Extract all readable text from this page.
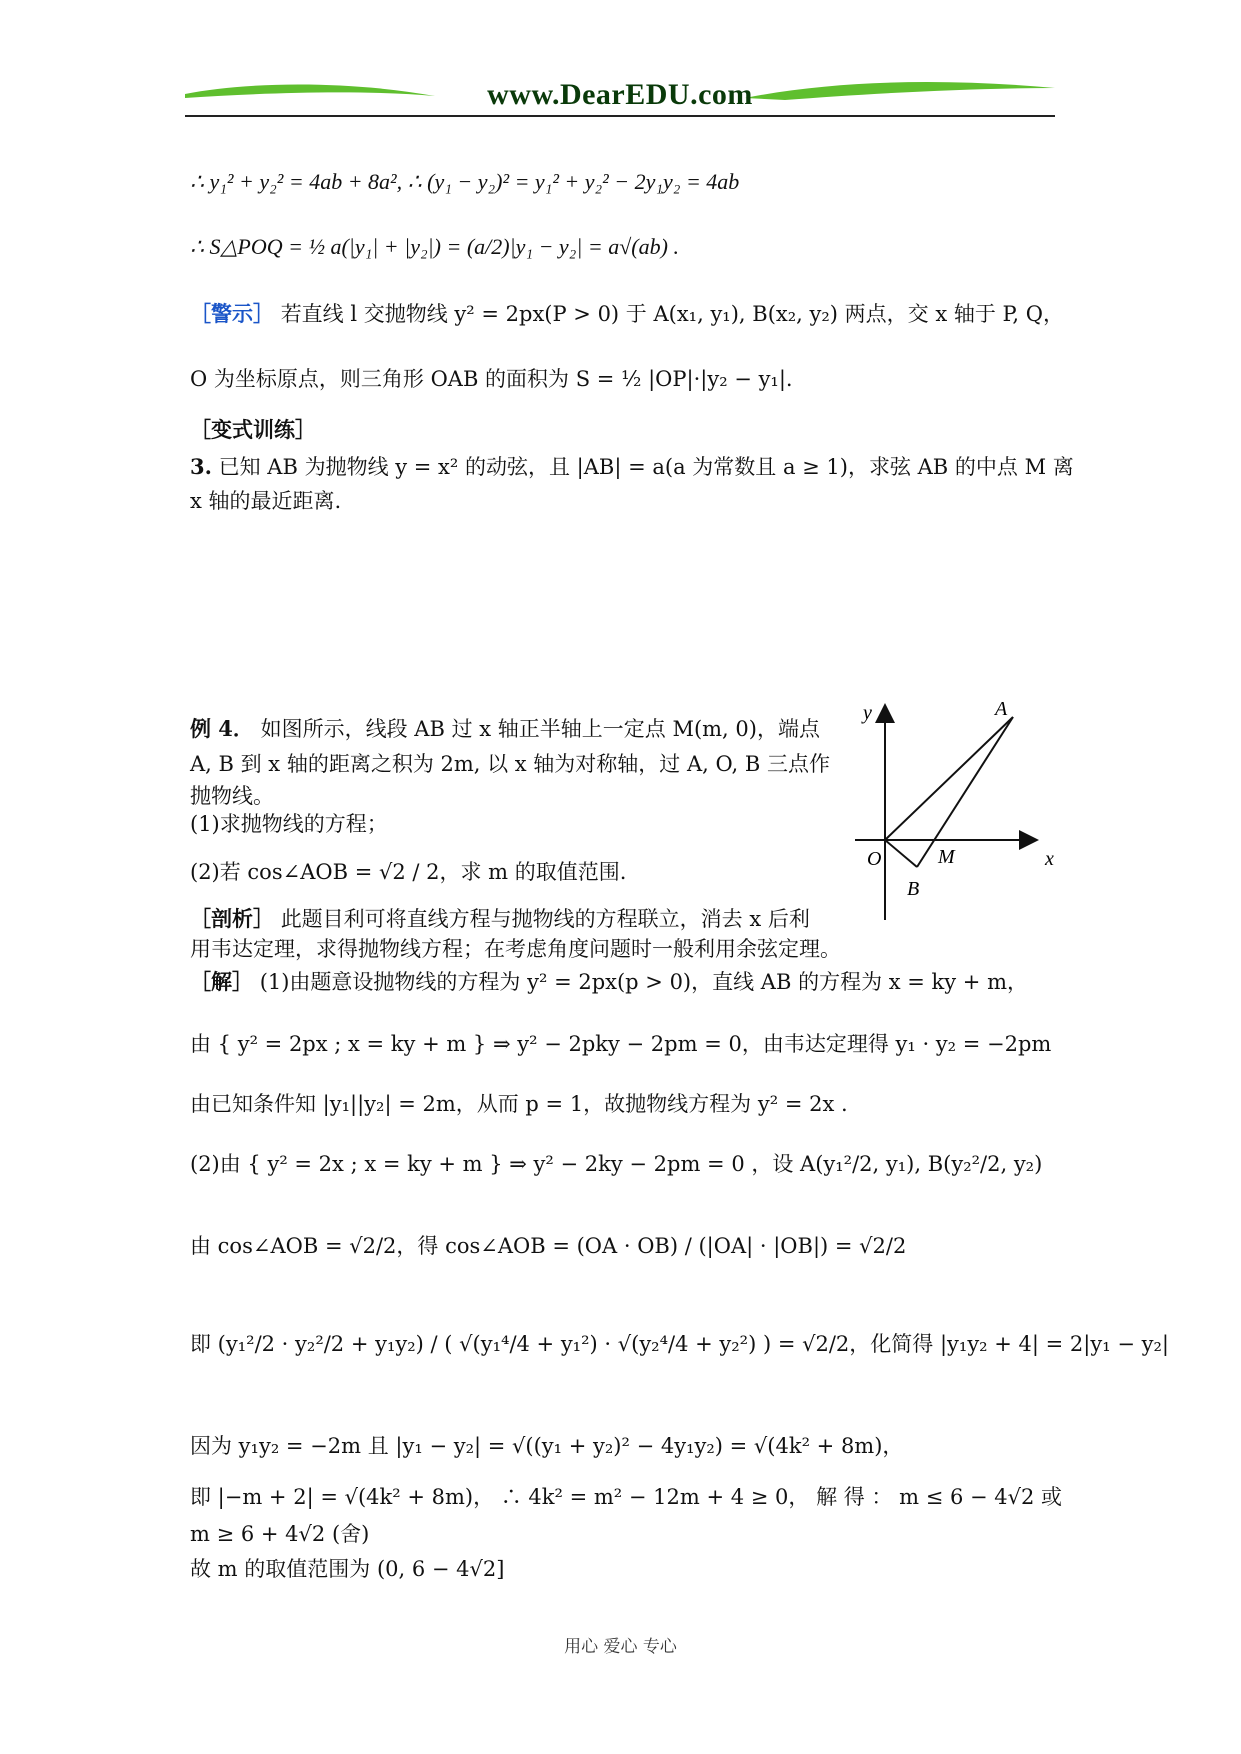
www.DearEDU.com
∴ y₁² + y₂² = 4ab + 8a², ∴ (y₁ − y₂)² = y₁² + y₂² − 2y₁y₂ = 4ab
∴ S△POQ = ½ a(|y₁| + |y₂|) = (a/2)|y₁ − y₂| = a√(ab) .
［警示］ 若直线 l 交抛物线 y² = 2px(P > 0) 于 A(x₁, y₁), B(x₂, y₂) 两点，交 x 轴于 P, Q，
O 为坐标原点，则三角形 OAB 的面积为 S = ½ |OP|·|y₂ − y₁|.
［变式训练］
3. 已知 AB 为抛物线 y = x² 的动弦，且 |AB| = a(a 为常数且 a ≥ 1)，求弦 AB 的中点 M 离
x 轴的最近距离.
例 4． 如图所示，线段 AB 过 x 轴正半轴上一定点 M(m, 0)，端点
A, B 到 x 轴的距离之积为 2m, 以 x 轴为对称轴，过 A, O, B 三点作
抛物线。
(1)求抛物线的方程；
(2)若 cos∠AOB = √2 / 2，求 m 的取值范围.
［剖析］ 此题目利可将直线方程与抛物线的方程联立，消去 x 后利
用韦达定理，求得抛物线方程；在考虑角度问题时一般利用余弦定理。
［解］ (1)由题意设抛物线的方程为 y² = 2px(p > 0)，直线 AB 的方程为 x = ky + m，
由 { y² = 2px ; x = ky + m } ⇒ y² − 2pky − 2pm = 0，由韦达定理得 y₁ · y₂ = −2pm
由已知条件知 |y₁||y₂| = 2m，从而 p = 1，故抛物线方程为 y² = 2x .
(2)由 { y² = 2x ; x = ky + m } ⇒ y² − 2ky − 2pm = 0 ，设 A(y₁²/2, y₁), B(y₂²/2, y₂)
由 cos∠AOB = √2/2，得 cos∠AOB = (OA · OB) / (|OA| · |OB|) = √2/2
即 (y₁²/2 · y₂²/2 + y₁y₂) / ( √(y₁⁴/4 + y₁²) · √(y₂⁴/4 + y₂²) ) = √2/2，化简得 |y₁y₂ + 4| = 2|y₁ − y₂|
因为 y₁y₂ = −2m 且 |y₁ − y₂| = √((y₁ + y₂)² − 4y₁y₂) = √(4k² + 8m)，
即 |−m + 2| = √(4k² + 8m)， ∴ 4k² = m² − 12m + 4 ≥ 0， 解 得 ： m ≤ 6 − 4√2 或
m ≥ 6 + 4√2 (舍)
故 m 的取值范围为 (0, 6 − 4√2]
y
x
O
A
B
M
用心 爱心 专心
